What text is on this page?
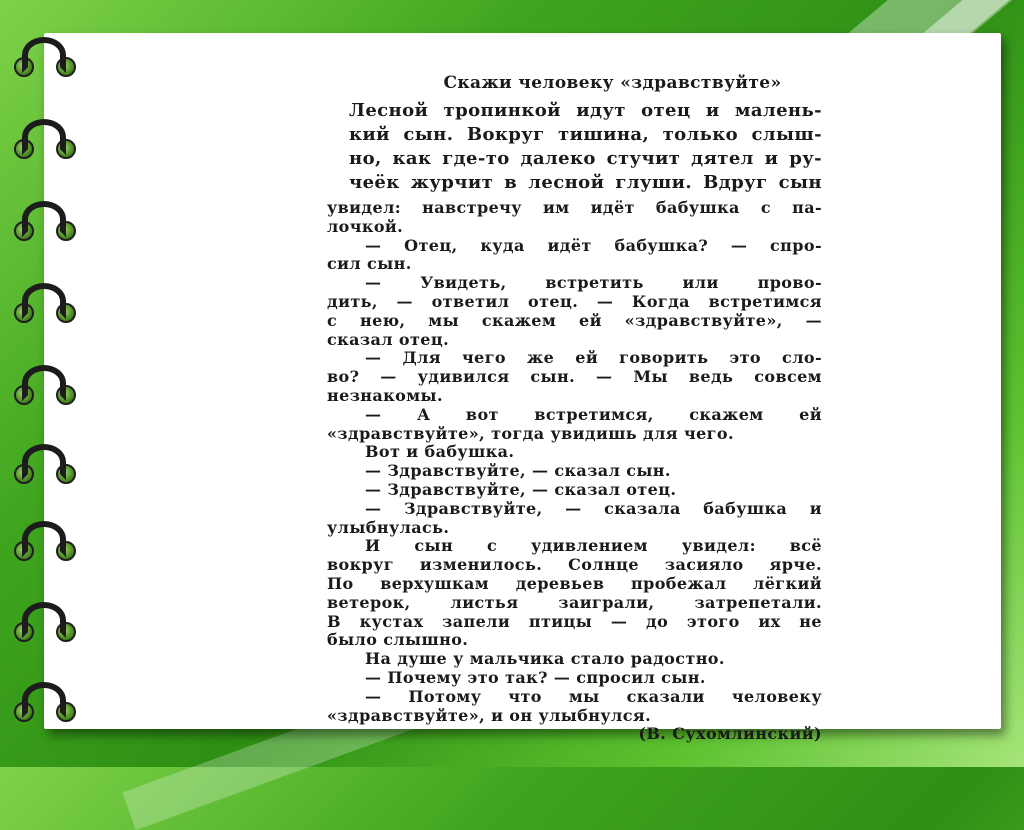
Скажи человеку «здравствуйте»
Лесной тропинкой идут отец и малень-
кий сын. Вокруг тишина, только слыш-
но, как где-то далеко стучит дятел и ру-
чеёк журчит в лесной глуши. Вдруг сын
увидел: навстречу им идёт бабушка с па-
лочкой.
— Отец, куда идёт бабушка? — спро-
сил сын.
— Увидеть, встретить или прово-
дить, — ответил отец. — Когда встретимся
с нею, мы скажем ей «здравствуйте», —
сказал отец.
— Для чего же ей говорить это сло-
во? — удивился сын. — Мы ведь совсем
незнакомы.
— А вот встретимся, скажем ей
«здравствуйте», тогда увидишь для чего.
Вот и бабушка.
— Здравствуйте, — сказал сын.
— Здравствуйте, — сказал отец.
— Здравствуйте, — сказала бабушка и
улыбнулась.
И сын с удивлением увидел: всё
вокруг изменилось. Солнце засияло ярче.
По верхушкам деревьев пробежал лёгкий
ветерок, листья заиграли, затрепетали.
В кустах запели птицы — до этого их не
было слышно.
На душе у мальчика стало радостно.
— Почему это так? — спросил сын.
— Потому что мы сказали человеку
«здравствуйте», и он улыбнулся.
(В. Сухомлинский)
